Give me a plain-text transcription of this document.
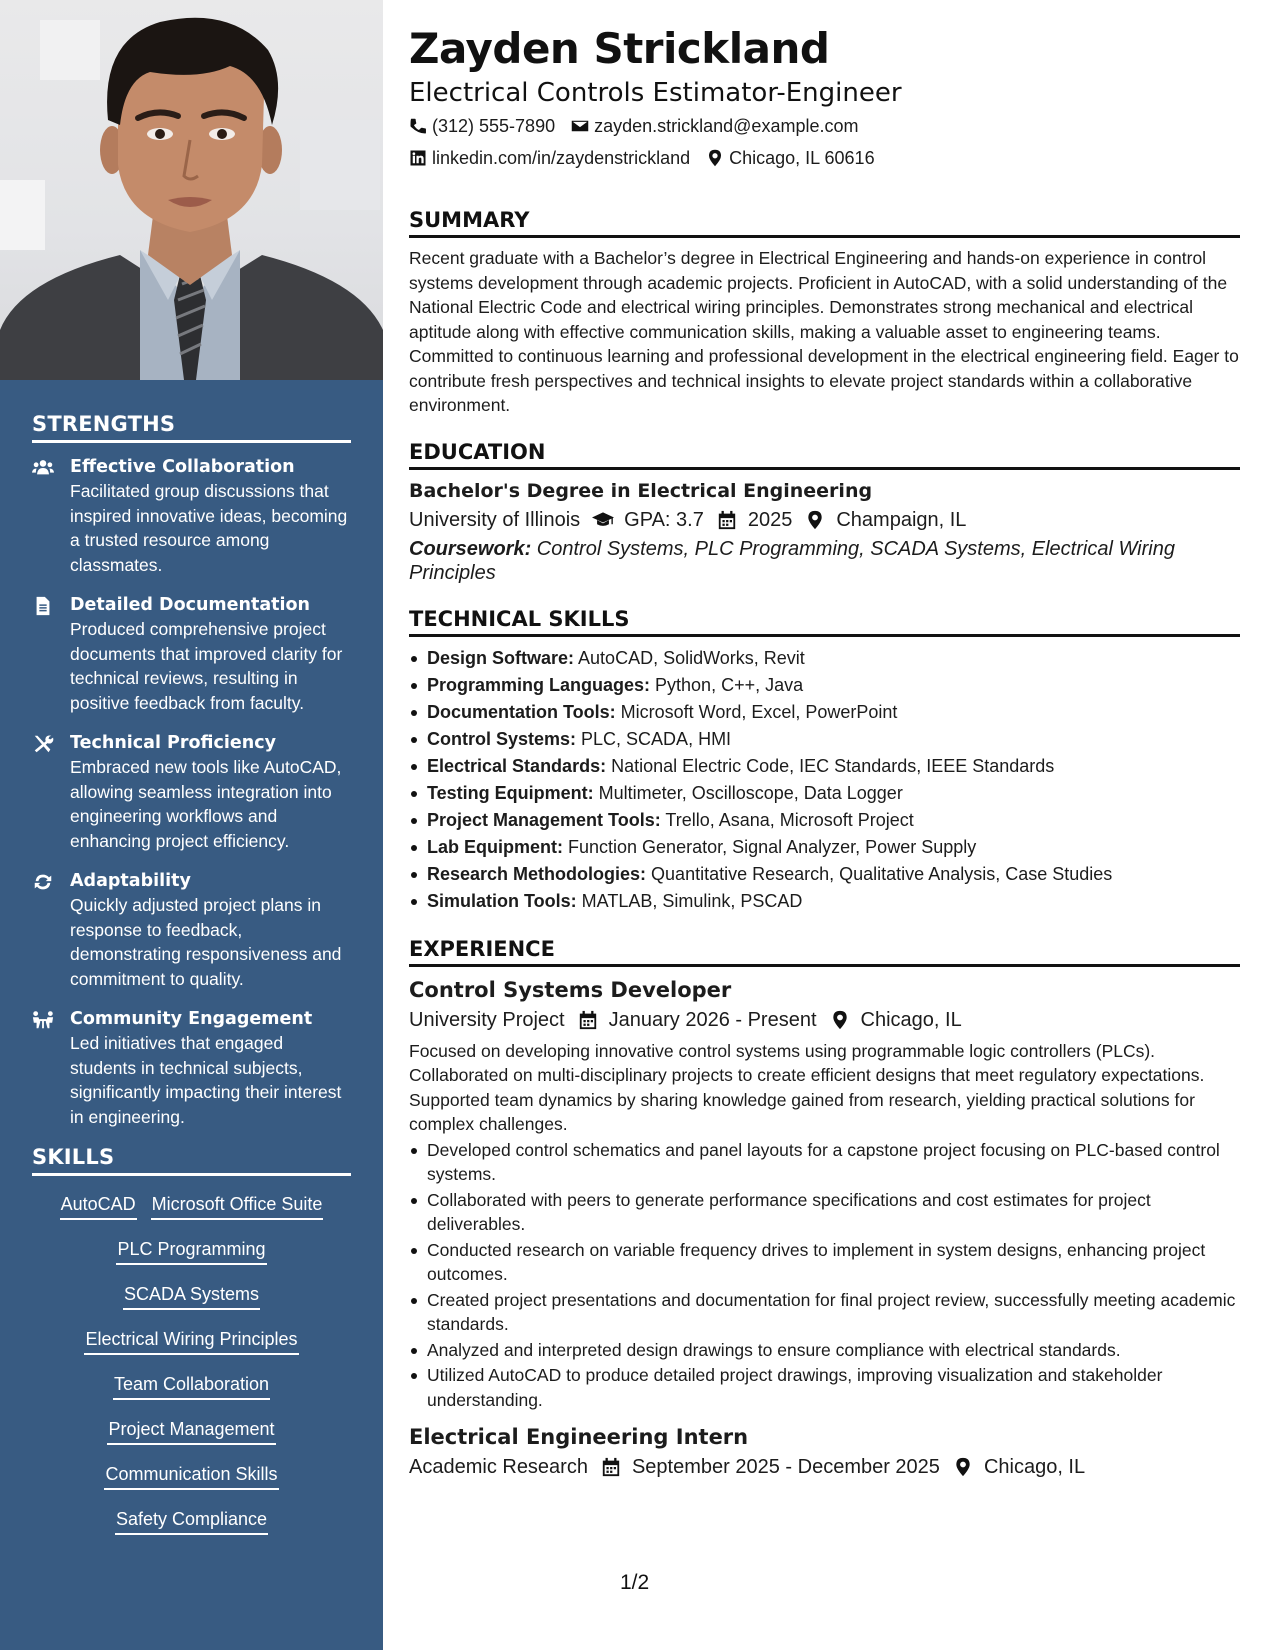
STRENGTHS
Effective Collaboration
Facilitated group discussions that inspired innovative ideas, becoming a trusted resource among classmates.
Detailed Documentation
Produced comprehensive project documents that improved clarity for technical reviews, resulting in positive feedback from faculty.
Technical Proficiency
Embraced new tools like AutoCAD, allowing seamless integration into engineering workflows and enhancing project efficiency.
Adaptability
Quickly adjusted project plans in response to feedback, demonstrating responsiveness and commitment to quality.
Community Engagement
Led initiatives that engaged students in technical subjects, significantly impacting their interest in engineering.
SKILLS
AutoCAD Microsoft Office Suite
PLC Programming
SCADA Systems
Electrical Wiring Principles
Team Collaboration
Project Management
Communication Skills
Safety Compliance
Zayden Strickland
Electrical Controls Estimator-Engineer
(312) 555-7890 zayden.strickland@example.com
linkedin.com/in/zaydenstrickland Chicago, IL 60616
SUMMARY
Recent graduate with a Bachelor’s degree in Electrical Engineering and hands-on experience in control systems development through academic projects. Proficient in AutoCAD, with a solid understanding of the National Electric Code and electrical wiring principles. Demonstrates strong mechanical and electrical aptitude along with effective communication skills, making a valuable asset to engineering teams. Committed to continuous learning and professional development in the electrical engineering field. Eager to contribute fresh perspectives and technical insights to elevate project standards within a collaborative environment.
EDUCATION
Bachelor's Degree in Electrical Engineering
University of Illinois GPA: 3.7 2025 Champaign, IL
Coursework: Control Systems, PLC Programming, SCADA Systems, Electrical Wiring Principles
TECHNICAL SKILLS
Design Software: AutoCAD, SolidWorks, Revit
Programming Languages: Python, C++, Java
Documentation Tools: Microsoft Word, Excel, PowerPoint
Control Systems: PLC, SCADA, HMI
Electrical Standards: National Electric Code, IEC Standards, IEEE Standards
Testing Equipment: Multimeter, Oscilloscope, Data Logger
Project Management Tools: Trello, Asana, Microsoft Project
Lab Equipment: Function Generator, Signal Analyzer, Power Supply
Research Methodologies: Quantitative Research, Qualitative Analysis, Case Studies
Simulation Tools: MATLAB, Simulink, PSCAD
EXPERIENCE
Control Systems Developer
University Project January 2026 - Present Chicago, IL
Focused on developing innovative control systems using programmable logic controllers (PLCs). Collaborated on multi-disciplinary projects to create efficient designs that meet regulatory expectations. Supported team dynamics by sharing knowledge gained from research, yielding practical solutions for complex challenges.
Developed control schematics and panel layouts for a capstone project focusing on PLC-based control systems.
Collaborated with peers to generate performance specifications and cost estimates for project deliverables.
Conducted research on variable frequency drives to implement in system designs, enhancing project outcomes.
Created project presentations and documentation for final project review, successfully meeting academic standards.
Analyzed and interpreted design drawings to ensure compliance with electrical standards.
Utilized AutoCAD to produce detailed project drawings, improving visualization and stakeholder understanding.
Electrical Engineering Intern
Academic Research September 2025 - December 2025 Chicago, IL
1/2
